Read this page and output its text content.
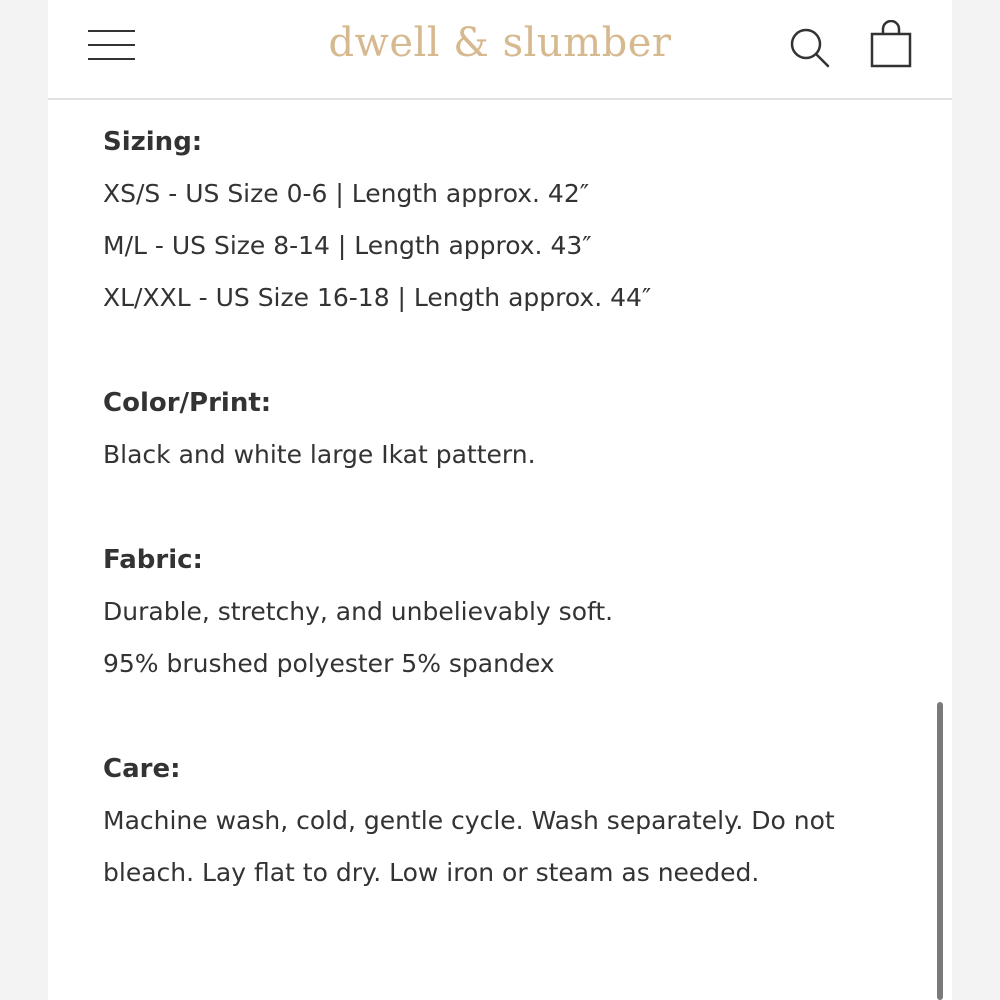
dwell & slumber

Sizing:

XS/S - US Size 0-6 | Length approx. 42″

M/L - US Size 8-14 | Length approx. 43″

XL/XXL - US Size 16-18 | Length approx. 44″

Color/Print:

Black and white large Ikat pattern.

Fabric:

Durable, stretchy, and unbelievably soft.

95% brushed polyester 5% spandex

Care:

Machine wash, cold, gentle cycle. Wash separately. Do not bleach. Lay flat to dry. Low iron or steam as needed.
